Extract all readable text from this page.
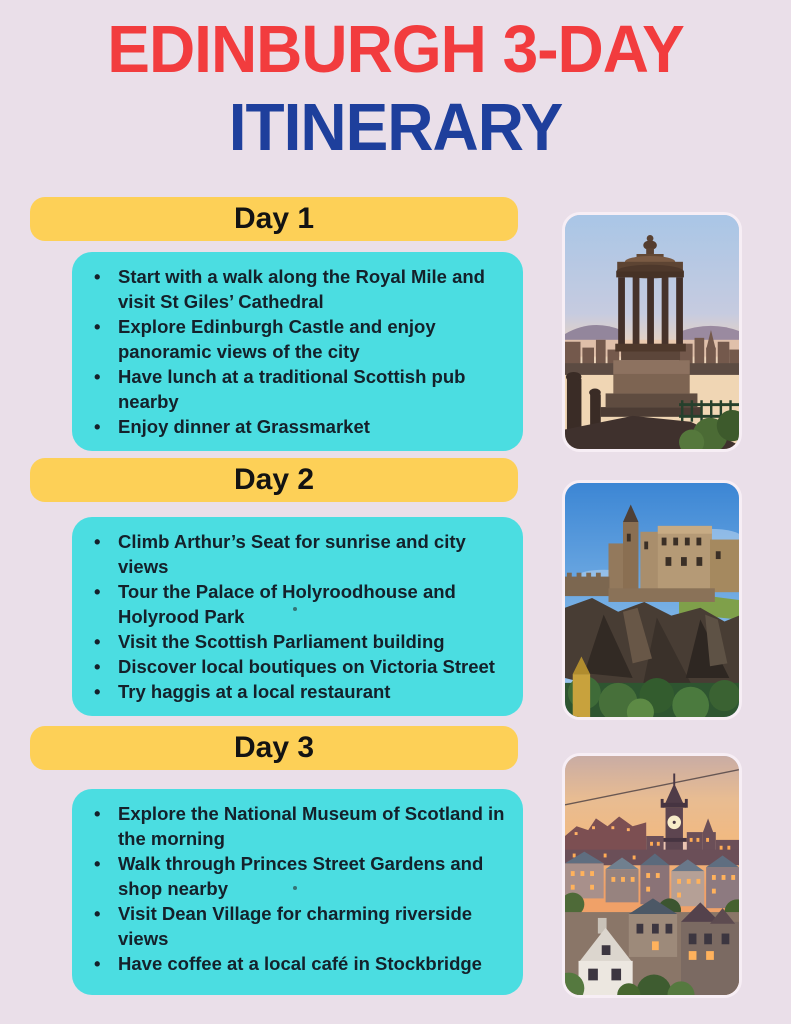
EDINBURGH 3-DAY
ITINERARY
Day 1
• Start with a walk along the Royal Mile and visit St Giles’ Cathedral
• Explore Edinburgh Castle and enjoy panoramic views of the city
• Have lunch at a traditional Scottish pub nearby
• Enjoy dinner at Grassmarket
Day 2
• Climb Arthur’s Seat for sunrise and city views
• Tour the Palace of Holyroodhouse and Holyrood Park
• Visit the Scottish Parliament building
• Discover local boutiques on Victoria Street
• Try haggis at a local restaurant
Day 3
• Explore the National Museum of Scotland in the morning
• Walk through Princes Street Gardens and shop nearby
• Visit Dean Village for charming riverside views
• Have coffee at a local café in Stockbridge
